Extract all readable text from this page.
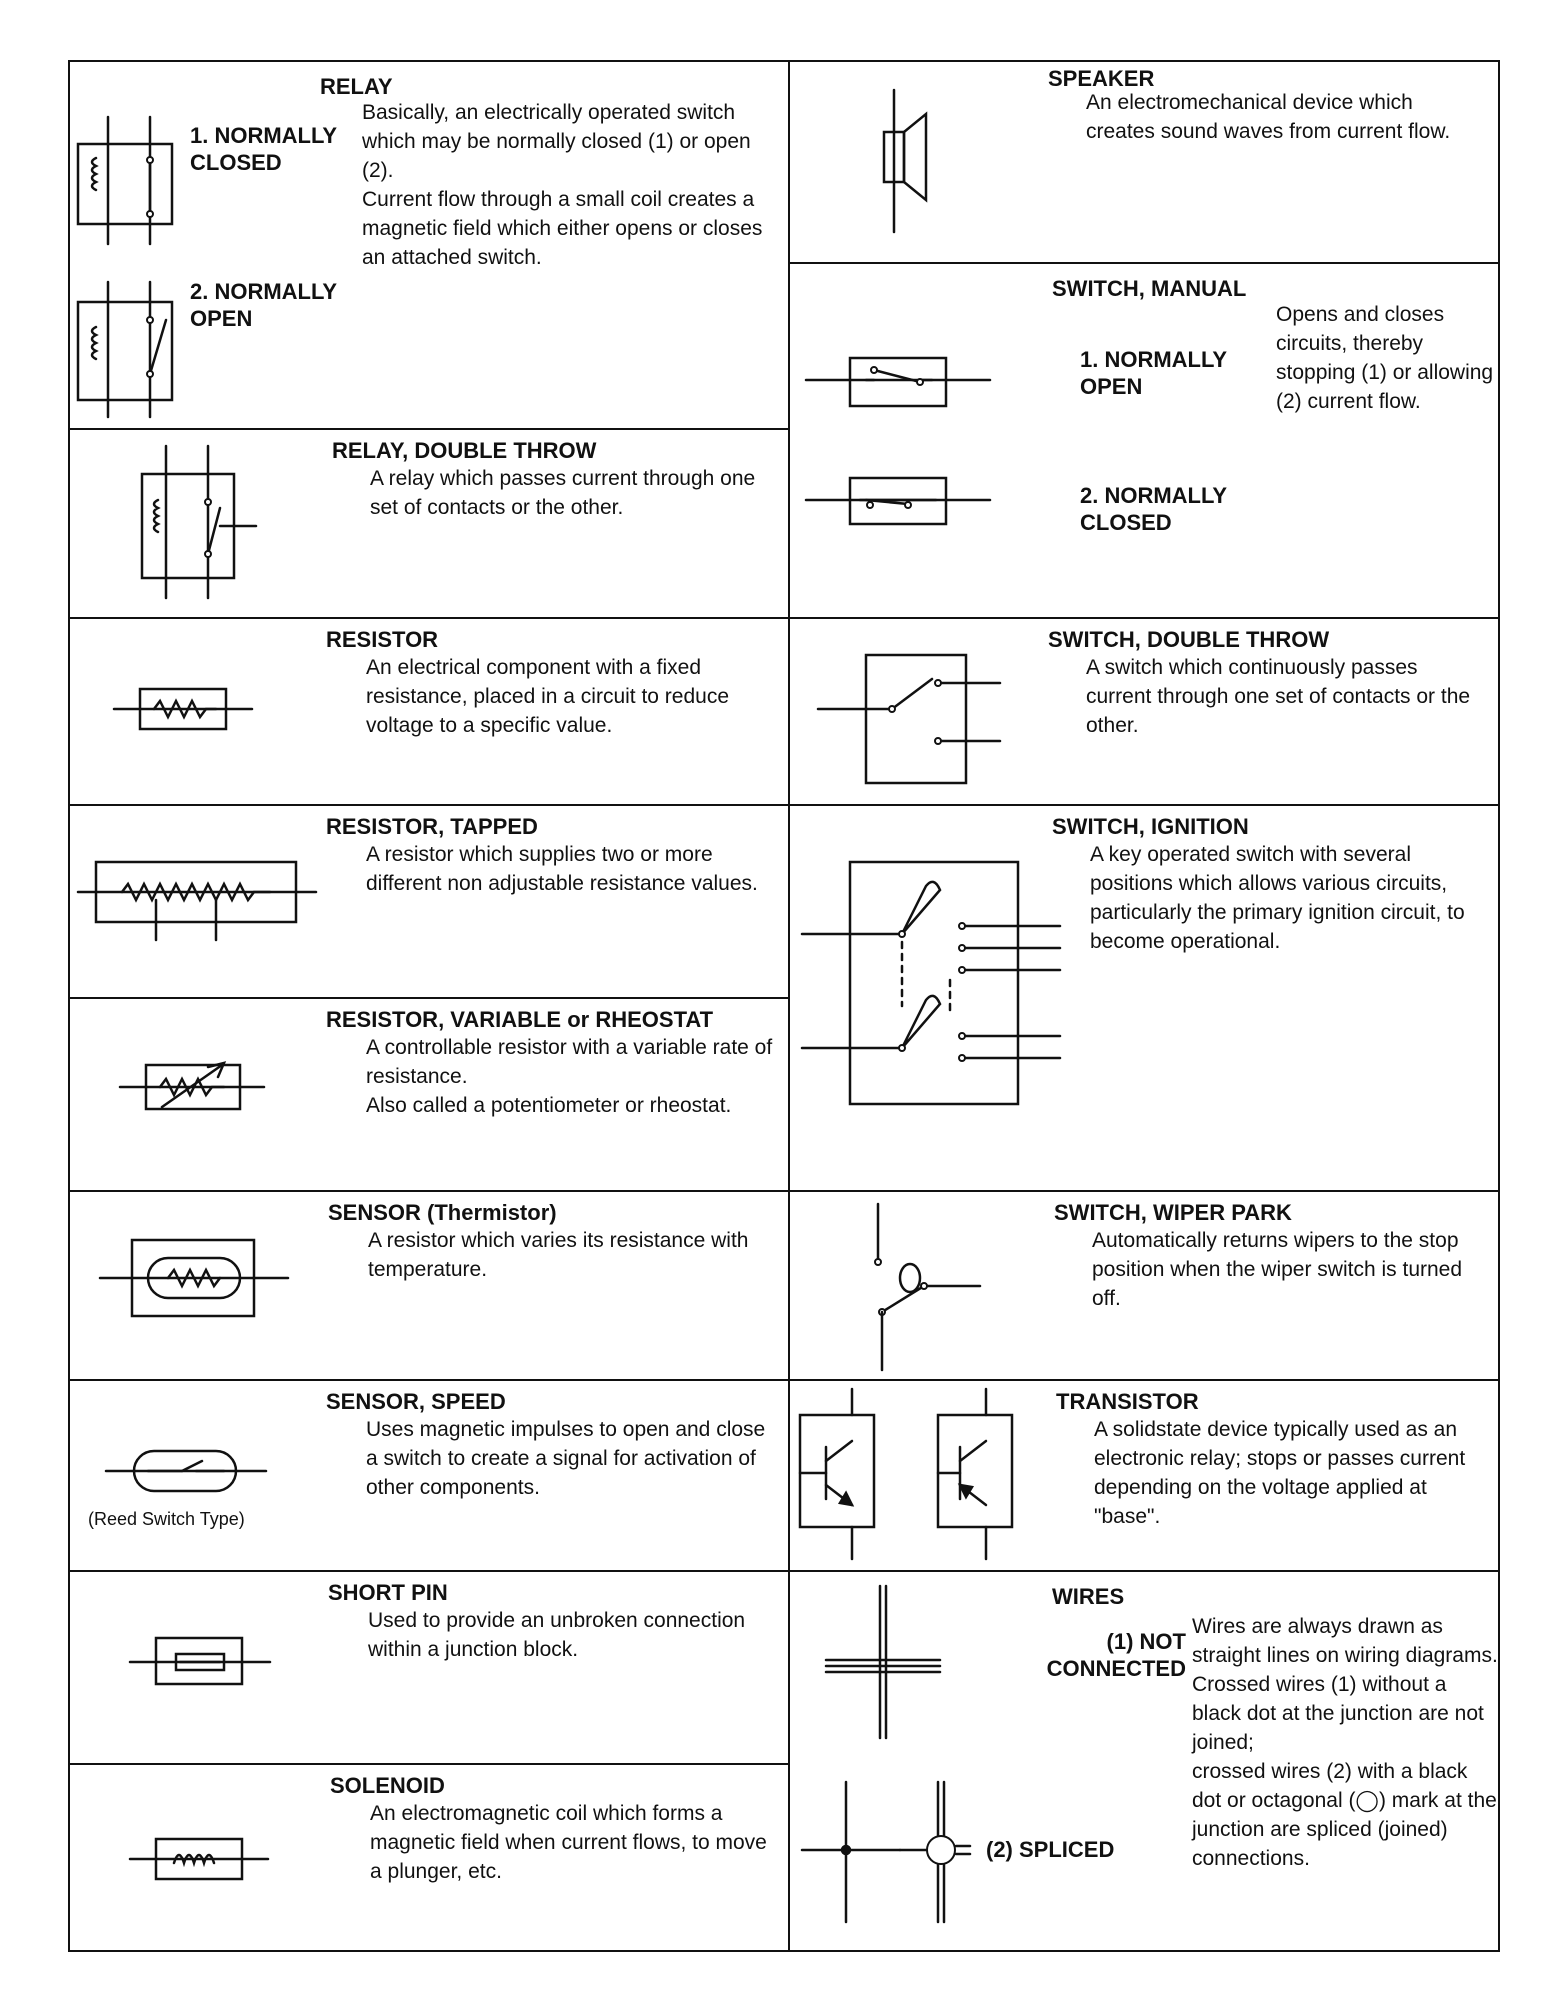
RELAY
1. NORMALLY
CLOSED
2. NORMALLY
OPEN
Basically, an electrically operated switch which may be normally closed (1) or open (2).
Current flow through a small coil creates a magnetic field which either opens or closes an attached switch.
RELAY, DOUBLE THROW
A relay which passes current through one set of contacts or the other.
RESISTOR
An electrical component with a fixed resistance, placed in a circuit to reduce voltage to a specific value.
RESISTOR, TAPPED
A resistor which supplies two or more different non adjustable resistance values.
RESISTOR, VARIABLE or RHEOSTAT
A controllable resistor with a variable rate of resistance.
Also called a potentiometer or rheostat.
SENSOR (Thermistor)
A resistor which varies its resistance with temperature.
(Reed Switch Type)
SENSOR, SPEED
Uses magnetic impulses to open and close a switch to create a signal for activation of other components.
SHORT PIN
Used to provide an unbroken connection within a junction block.
SOLENOID
An electromagnetic coil which forms a magnetic field when current flows, to move a plunger, etc.
SPEAKER
An electromechanical device which creates sound waves from current flow.
SWITCH, MANUAL
1. NORMALLY
OPEN
2. NORMALLY
CLOSED
Opens and closes circuits, thereby stopping (1) or allowing (2) current flow.
SWITCH, DOUBLE THROW
A switch which continuously passes current through one set of contacts or the other.
SWITCH, IGNITION
A key operated switch with several positions which allows various circuits, particularly the primary ignition circuit, to become operational.
SWITCH, WIPER PARK
Automatically returns wipers to the stop position when the wiper switch is turned off.
TRANSISTOR
A solidstate device typically used as an electronic relay; stops or passes current depending on the voltage applied at "base".
WIRES
(1) NOT
CONNECTED
(2) SPLICED
Wires are always drawn as straight lines on wiring diagrams.
Crossed wires (1) without a black dot at the junction are not joined;
crossed wires (2) with a black dot or octagonal (◯) mark at the junction are spliced (joined) connections.
